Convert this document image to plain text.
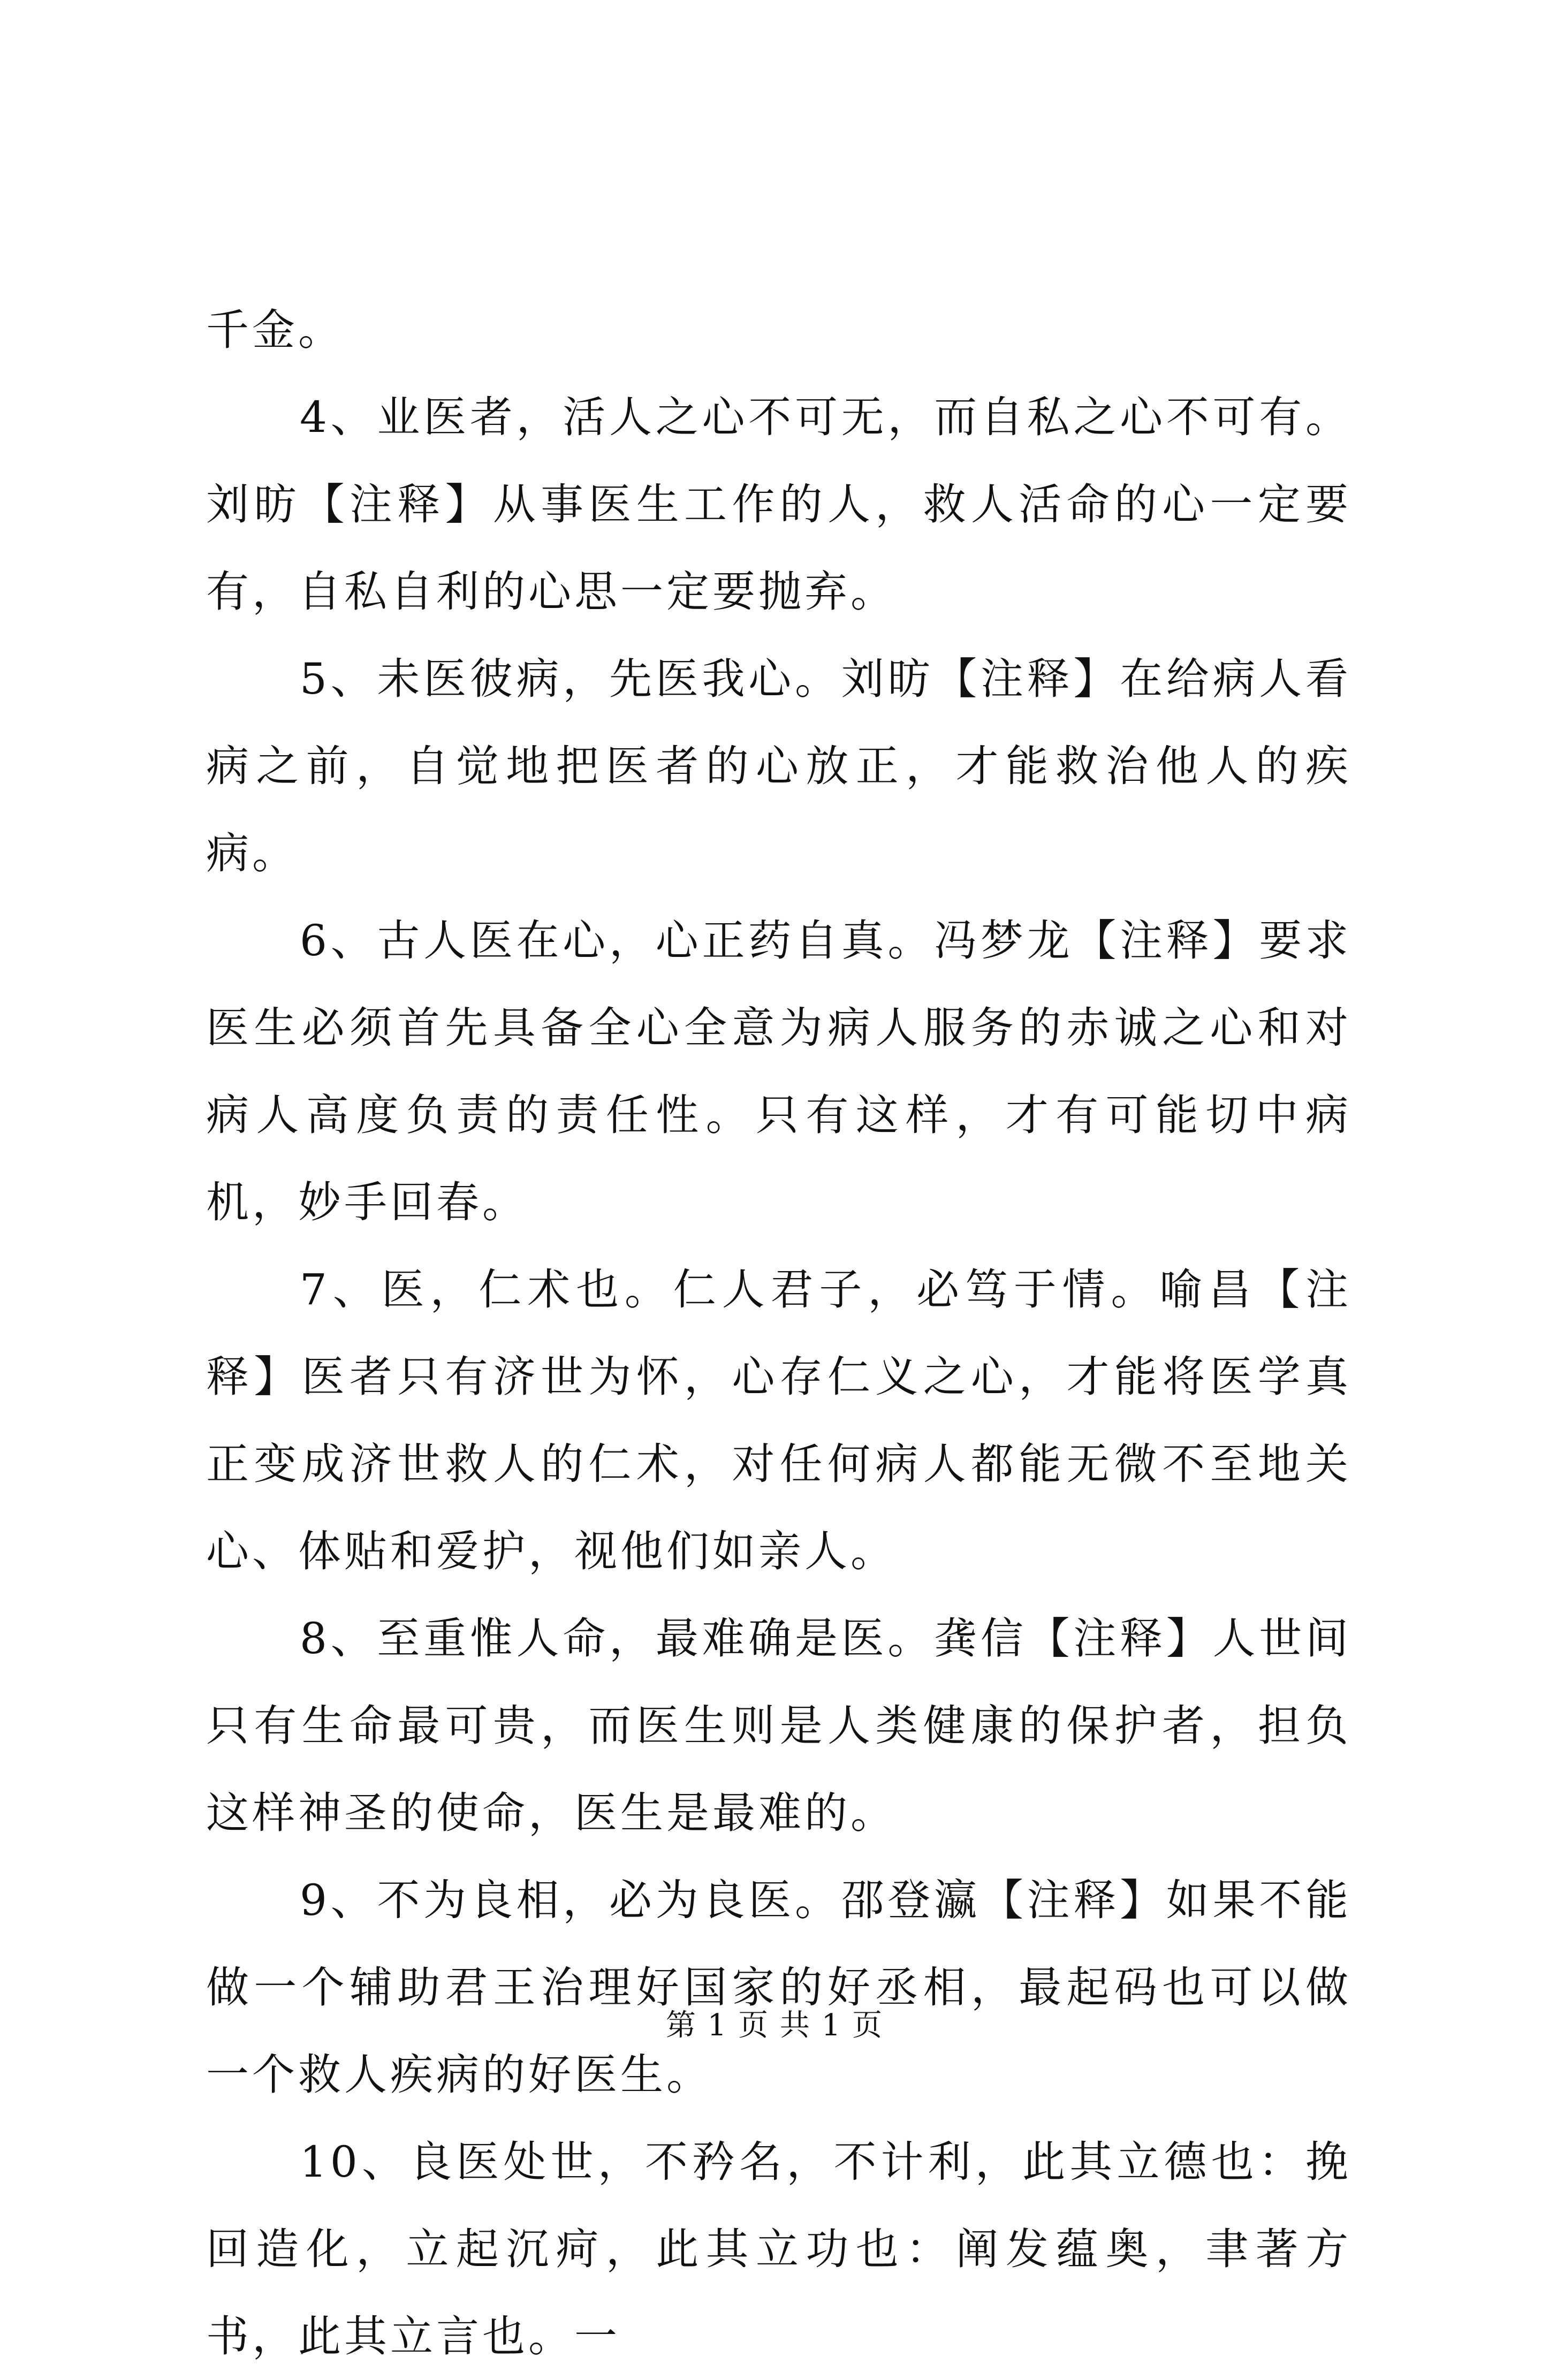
千金。

4、业医者，活人之心不可无，而自私之心不可有。刘昉【注释】从事医生工作的人，救人活命的心一定要有，自私自利的心思一定要抛弃。

5、未医彼病，先医我心。刘昉【注释】在给病人看病之前，自觉地把医者的心放正，才能救治他人的疾病。

6、古人医在心，心正药自真。冯梦龙【注释】要求医生必须首先具备全心全意为病人服务的赤诚之心和对病人高度负责的责任性。只有这样，才有可能切中病机，妙手回春。

7、医，仁术也。仁人君子，必笃于情。喻昌【注释】医者只有济世为怀，心存仁义之心，才能将医学真正变成济世救人的仁术，对任何病人都能无微不至地关心、体贴和爱护，视他们如亲人。

8、至重惟人命，最难确是医。龚信【注释】人世间只有生命最可贵，而医生则是人类健康的保护者，担负这样神圣的使命，医生是最难的。

9、不为良相，必为良医。邵登瀛【注释】如果不能做一个辅助君王治理好国家的好丞相，最起码也可以做一个救人疾病的好医生。

10、良医处世，不矜名，不计利，此其立德也：挽回造化，立起沉疴，此其立功也：阐发蕴奥，聿著方书，此其立言也。一

第 1 页 共 1 页
